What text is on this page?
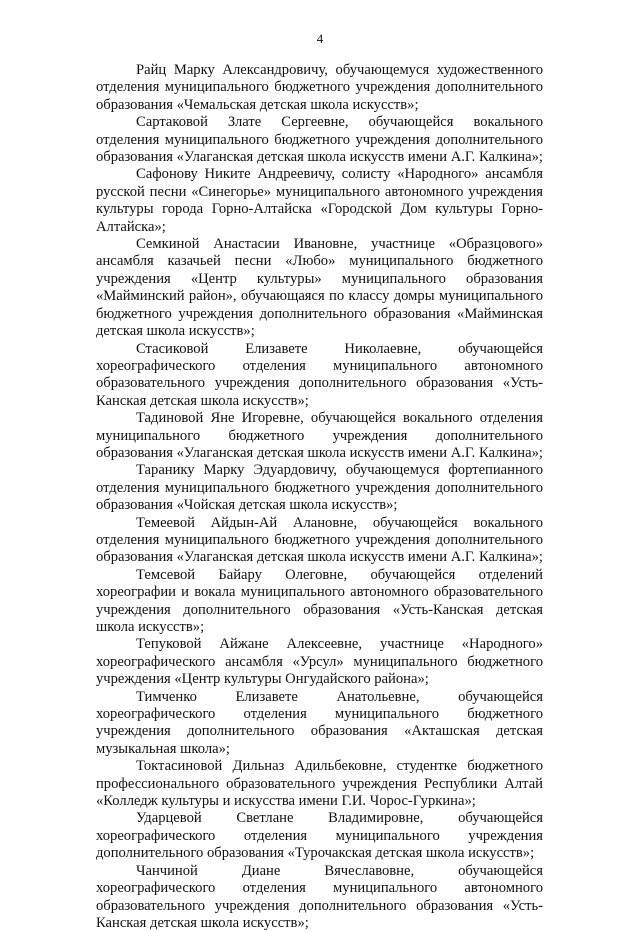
4

Райц Марку Александровичу, обучающемуся художественного отделения муниципального бюджетного учреждения дополнительного образования «Чемальская детская школа искусств»;

Сартаковой Злате Сергеевне, обучающейся вокального отделения муниципального бюджетного учреждения дополнительного образования «Улаганская детская школа искусств имени А.Г. Калкина»;

Сафонову Никите Андреевичу, солисту «Народного» ансамбля русской песни «Синегорье» муниципального автономного учреждения культуры города Горно-Алтайска «Городской Дом культуры Горно-Алтайска»;

Семкиной Анастасии Ивановне, участнице «Образцового» ансамбля казачьей песни «Любо» муниципального бюджетного учреждения «Центр культуры» муниципального образования «Майминский район», обучающаяся по классу домры муниципального бюджетного учреждения дополнительного образования «Майминская детская школа искусств»;

Стасиковой Елизавете Николаевне, обучающейся хореографического отделения муниципального автономного образовательного учреждения дополнительного образования «Усть-Канская детская школа искусств»;

Тадиновой Яне Игоревне, обучающейся вокального отделения муниципального бюджетного учреждения дополнительного образования «Улаганская детская школа искусств имени А.Г. Калкина»;

Таранику Марку Эдуардовичу, обучающемуся фортепианного отделения муниципального бюджетного учреждения дополнительного образования «Чойская детская школа искусств»;

Темеевой Айдын-Ай Алановне, обучающейся вокального отделения муниципального бюджетного учреждения дополнительного образования «Улаганская детская школа искусств имени А.Г. Калкина»;

Темсевой Байару Олеговне, обучающейся отделений хореографии и вокала муниципального автономного образовательного учреждения дополнительного образования «Усть-Канская детская школа искусств»;

Тепуковой Айжане Алексеевне, участнице «Народного» хореографического ансамбля «Урсул» муниципального бюджетного учреждения «Центр культуры Онгудайского района»;

Тимченко Елизавете Анатольевне, обучающейся хореографического отделения муниципального бюджетного учреждения дополнительного образования «Акташская детская музыкальная школа»;

Токтасиновой Дильназ Адильбековне, студентке бюджетного профессионального образовательного учреждения Республики Алтай «Колледж культуры и искусства имени Г.И. Чорос-Гуркина»;

Ударцевой Светлане Владимировне, обучающейся хореографического отделения муниципального учреждения дополнительного образования «Турочакская детская школа искусств»;

Чанчиной Диане Вячеславовне, обучающейся хореографического отделения муниципального автономного образовательного учреждения дополнительного образования «Усть-Канская детская школа искусств»;
